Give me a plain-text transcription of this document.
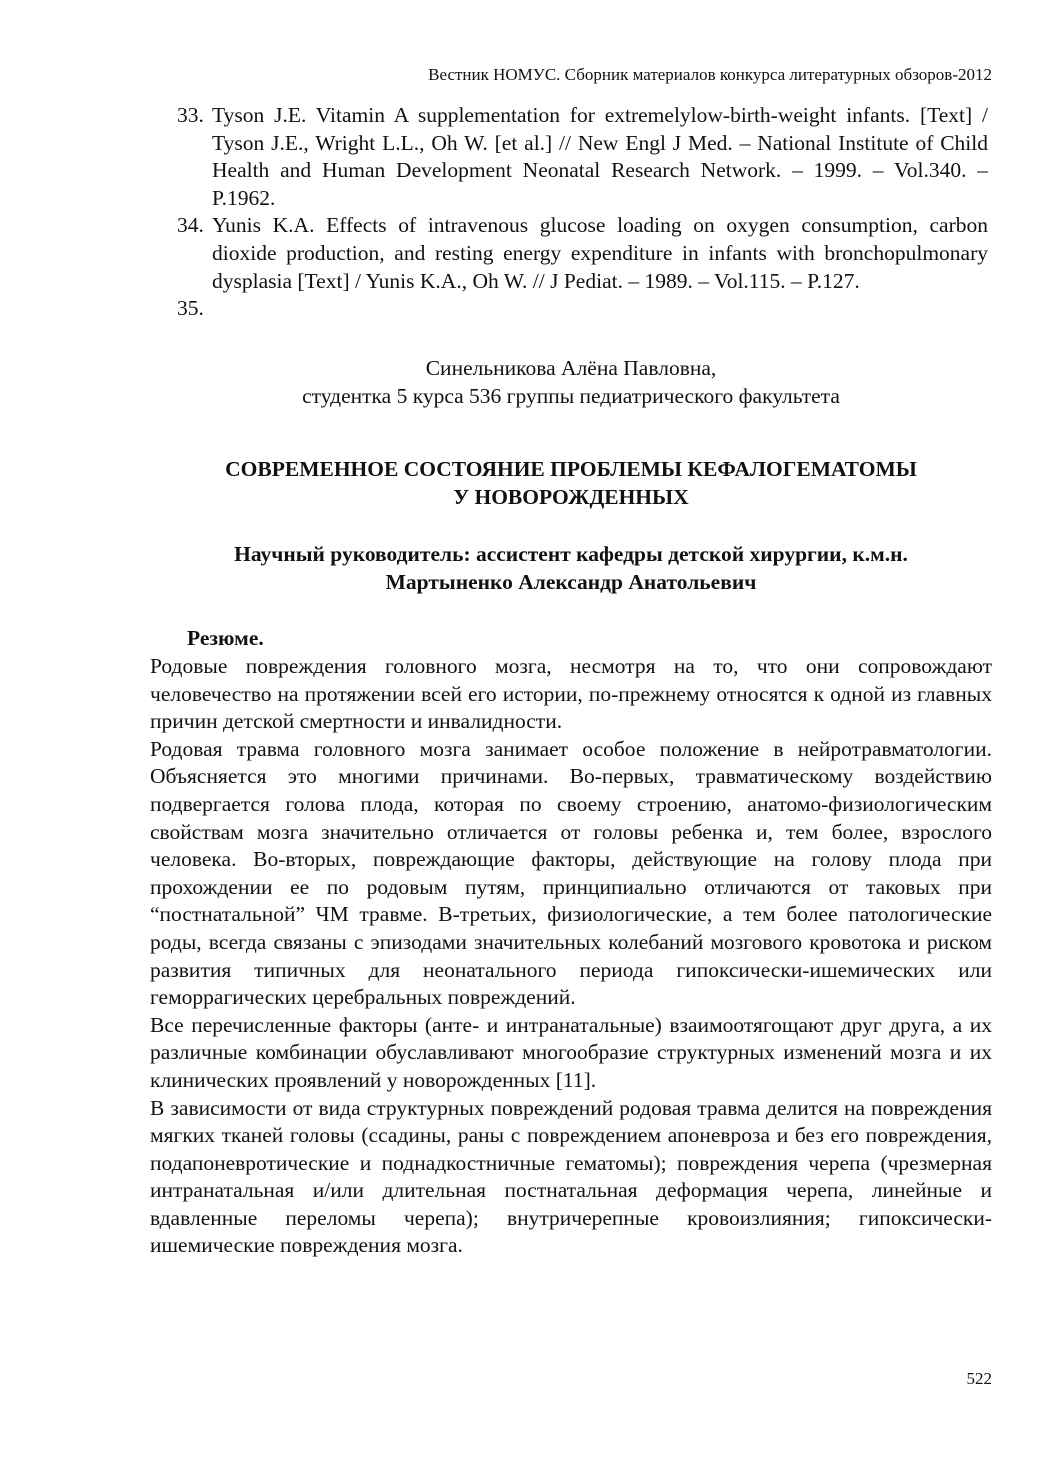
Вестник НОМУС. Сборник материалов конкурса литературных обзоров-2012
33. Tyson J.E. Vitamin A supplementation for extremelylow-birth-weight infants. [Text] / Tyson J.E., Wright L.L., Oh W. [et al.] // New Engl J Med. – National Institute of Child Health and Human Development Neonatal Research Network. – 1999. – Vol.340. – P.1962.
34. Yunis K.A. Effects of intravenous glucose loading on oxygen consumption, carbon dioxide production, and resting energy expenditure in infants with bronchopulmonary dysplasia [Text] / Yunis K.A., Oh W. // J Pediat. – 1989. – Vol.115. – P.127.
35.
Синельникова Алёна Павловна,
студентка 5 курса 536 группы педиатрического факультета
СОВРЕМЕННОЕ СОСТОЯНИЕ ПРОБЛЕМЫ КЕФАЛОГЕМАТОМЫ
У НОВОРОЖДЕННЫХ
Научный руководитель: ассистент кафедры детской хирургии, к.м.н.
Мартыненко Александр Анатольевич
Резюме.

Родовые повреждения головного мозга, несмотря на то, что они сопровождают человечество на протяжении всей его истории, по-прежнему относятся к одной из главных причин детской смертности и инвалидности.

Родовая травма головного мозга занимает особое положение в нейротравматологии. Объясняется это многими причинами. Во-первых, травматическому воздействию подвергается голова плода, которая по своему строению, анатомо-физиологическим свойствам мозга значительно отличается от головы ребенка и, тем более, взрослого человека. Во-вторых, повреждающие факторы, действующие на голову плода при прохождении ее по родовым путям, принципиально отличаются от таковых при “постнатальной” ЧМ травме. В-третьих, физиологические, а тем более патологические роды, всегда связаны с эпизодами значительных колебаний мозгового кровотока и риском развития типичных для неонатального периода гипоксически-ишемических или геморрагических церебральных повреждений.

Все перечисленные факторы (анте- и интранатальные) взаимоотягощают друг друга, а их различные комбинации обуславливают многообразие структурных изменений мозга и их клинических проявлений у новорожденных [11].

В зависимости от вида структурных повреждений родовая травма делится на повреждения мягких тканей головы (ссадины, раны с повреждением апоневроза и без его повреждения, подапоневротические и поднадкостничные гематомы); повреждения черепа (чрезмерная интранатальная и/или длительная постнатальная деформация черепа, линейные и вдавленные переломы черепа); внутричерепные кровоизлияния; гипоксически-ишемические повреждения мозга.

522
